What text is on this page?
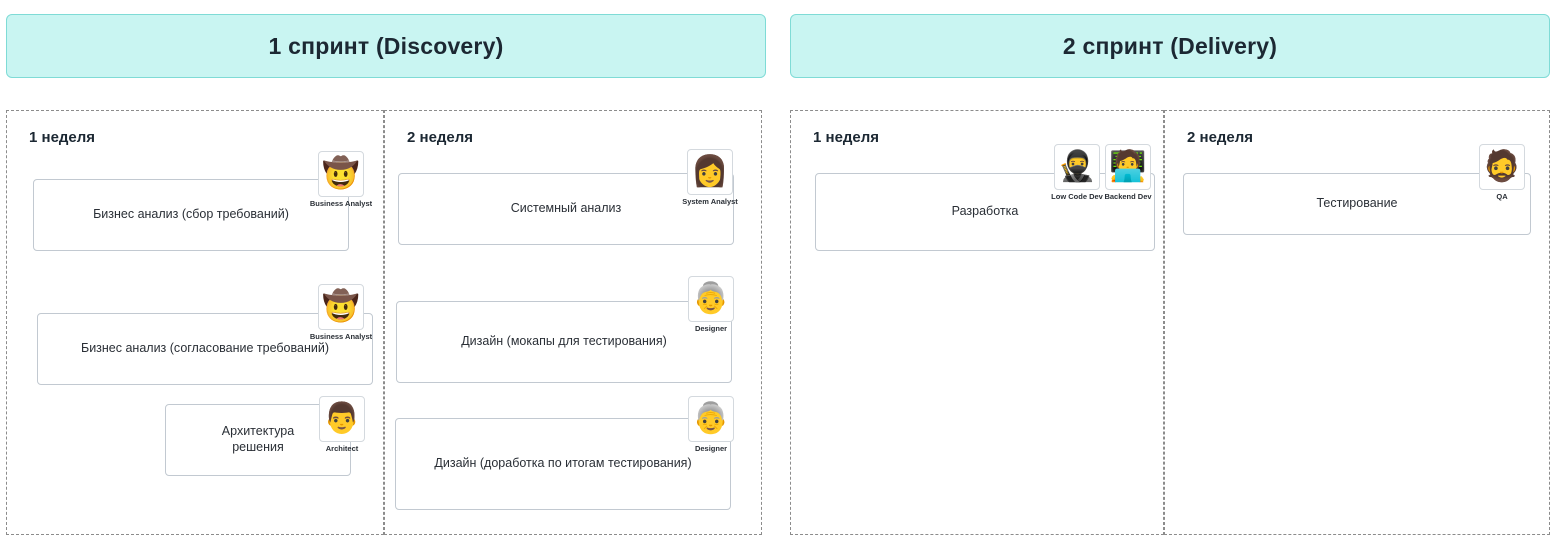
1 спринт (Discovery)	2 спринт (Delivery)
1 неделя
Бизнес анализ (сбор требований)
🤠
Business Analyst
Бизнес анализ (согласование требований)
🤠
Business Analyst
Архитектура решения
👨
Architect
2 неделя
Системный анализ
👩
System Analyst
Дизайн (мокапы для тестирования)
👵
Designer
Дизайн (доработка по итогам тестирования)
👵
Designer
1 неделя
Разработка
🥷
Low Code Dev
🧑‍💻
Backend Dev
2 неделя
Тестирование
🧔
QA
